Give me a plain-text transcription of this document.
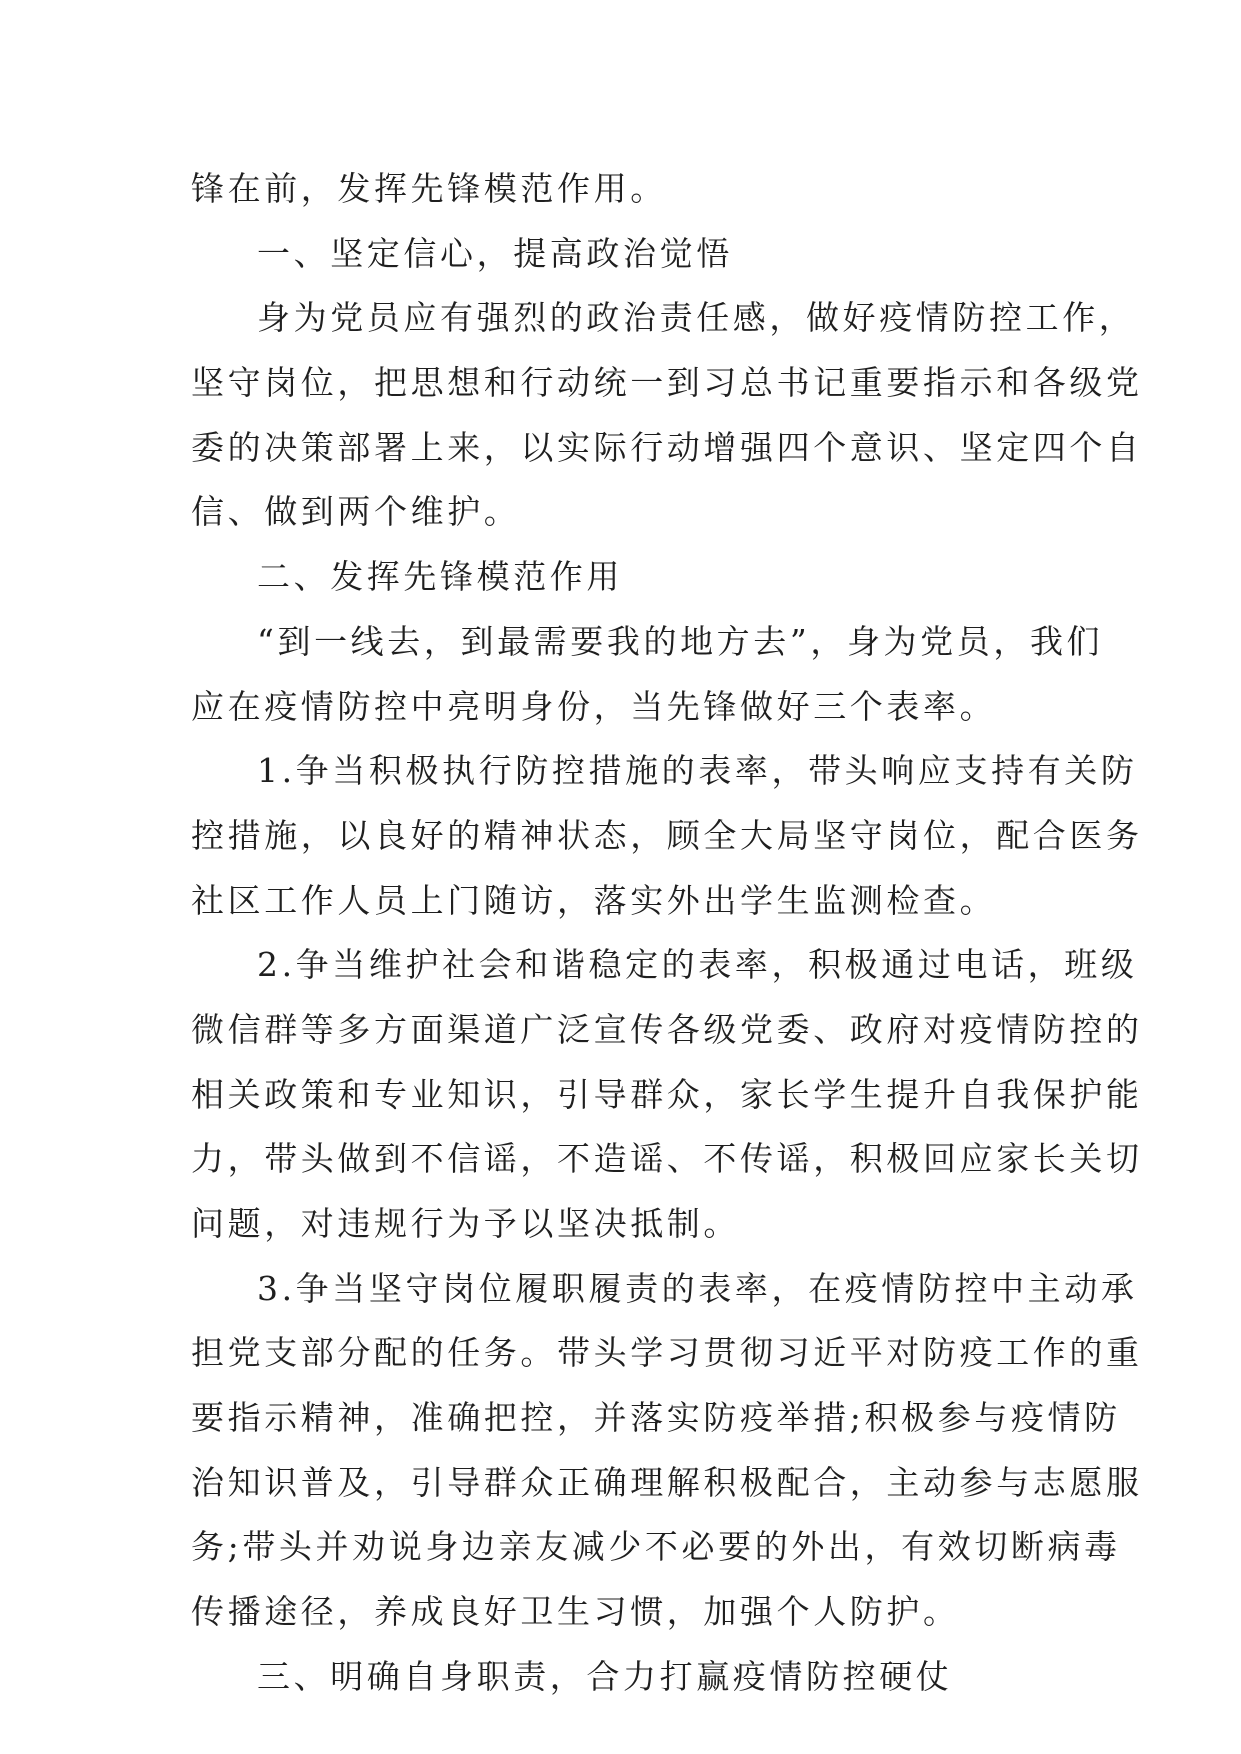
锋在前，发挥先锋模范作用。
一、坚定信心，提高政治觉悟
身为党员应有强烈的政治责任感，做好疫情防控工作，
坚守岗位，把思想和行动统一到习总书记重要指示和各级党
委的决策部署上来，以实际行动增强四个意识、坚定四个自
信、做到两个维护。
二、发挥先锋模范作用
“到一线去，到最需要我的地方去”，身为党员，我们
应在疫情防控中亮明身份，当先锋做好三个表率。
1.争当积极执行防控措施的表率，带头响应支持有关防
控措施，以良好的精神状态，顾全大局坚守岗位，配合医务
社区工作人员上门随访，落实外出学生监测检查。
2.争当维护社会和谐稳定的表率，积极通过电话，班级
微信群等多方面渠道广泛宣传各级党委、政府对疫情防控的
相关政策和专业知识，引导群众，家长学生提升自我保护能
力，带头做到不信谣，不造谣、不传谣，积极回应家长关切
问题，对违规行为予以坚决抵制。
3.争当坚守岗位履职履责的表率，在疫情防控中主动承
担党支部分配的任务。带头学习贯彻习近平对防疫工作的重
要指示精神，准确把控，并落实防疫举措;积极参与疫情防
治知识普及，引导群众正确理解积极配合，主动参与志愿服
务;带头并劝说身边亲友减少不必要的外出，有效切断病毒
传播途径，养成良好卫生习惯，加强个人防护。
三、明确自身职责，合力打赢疫情防控硬仗
